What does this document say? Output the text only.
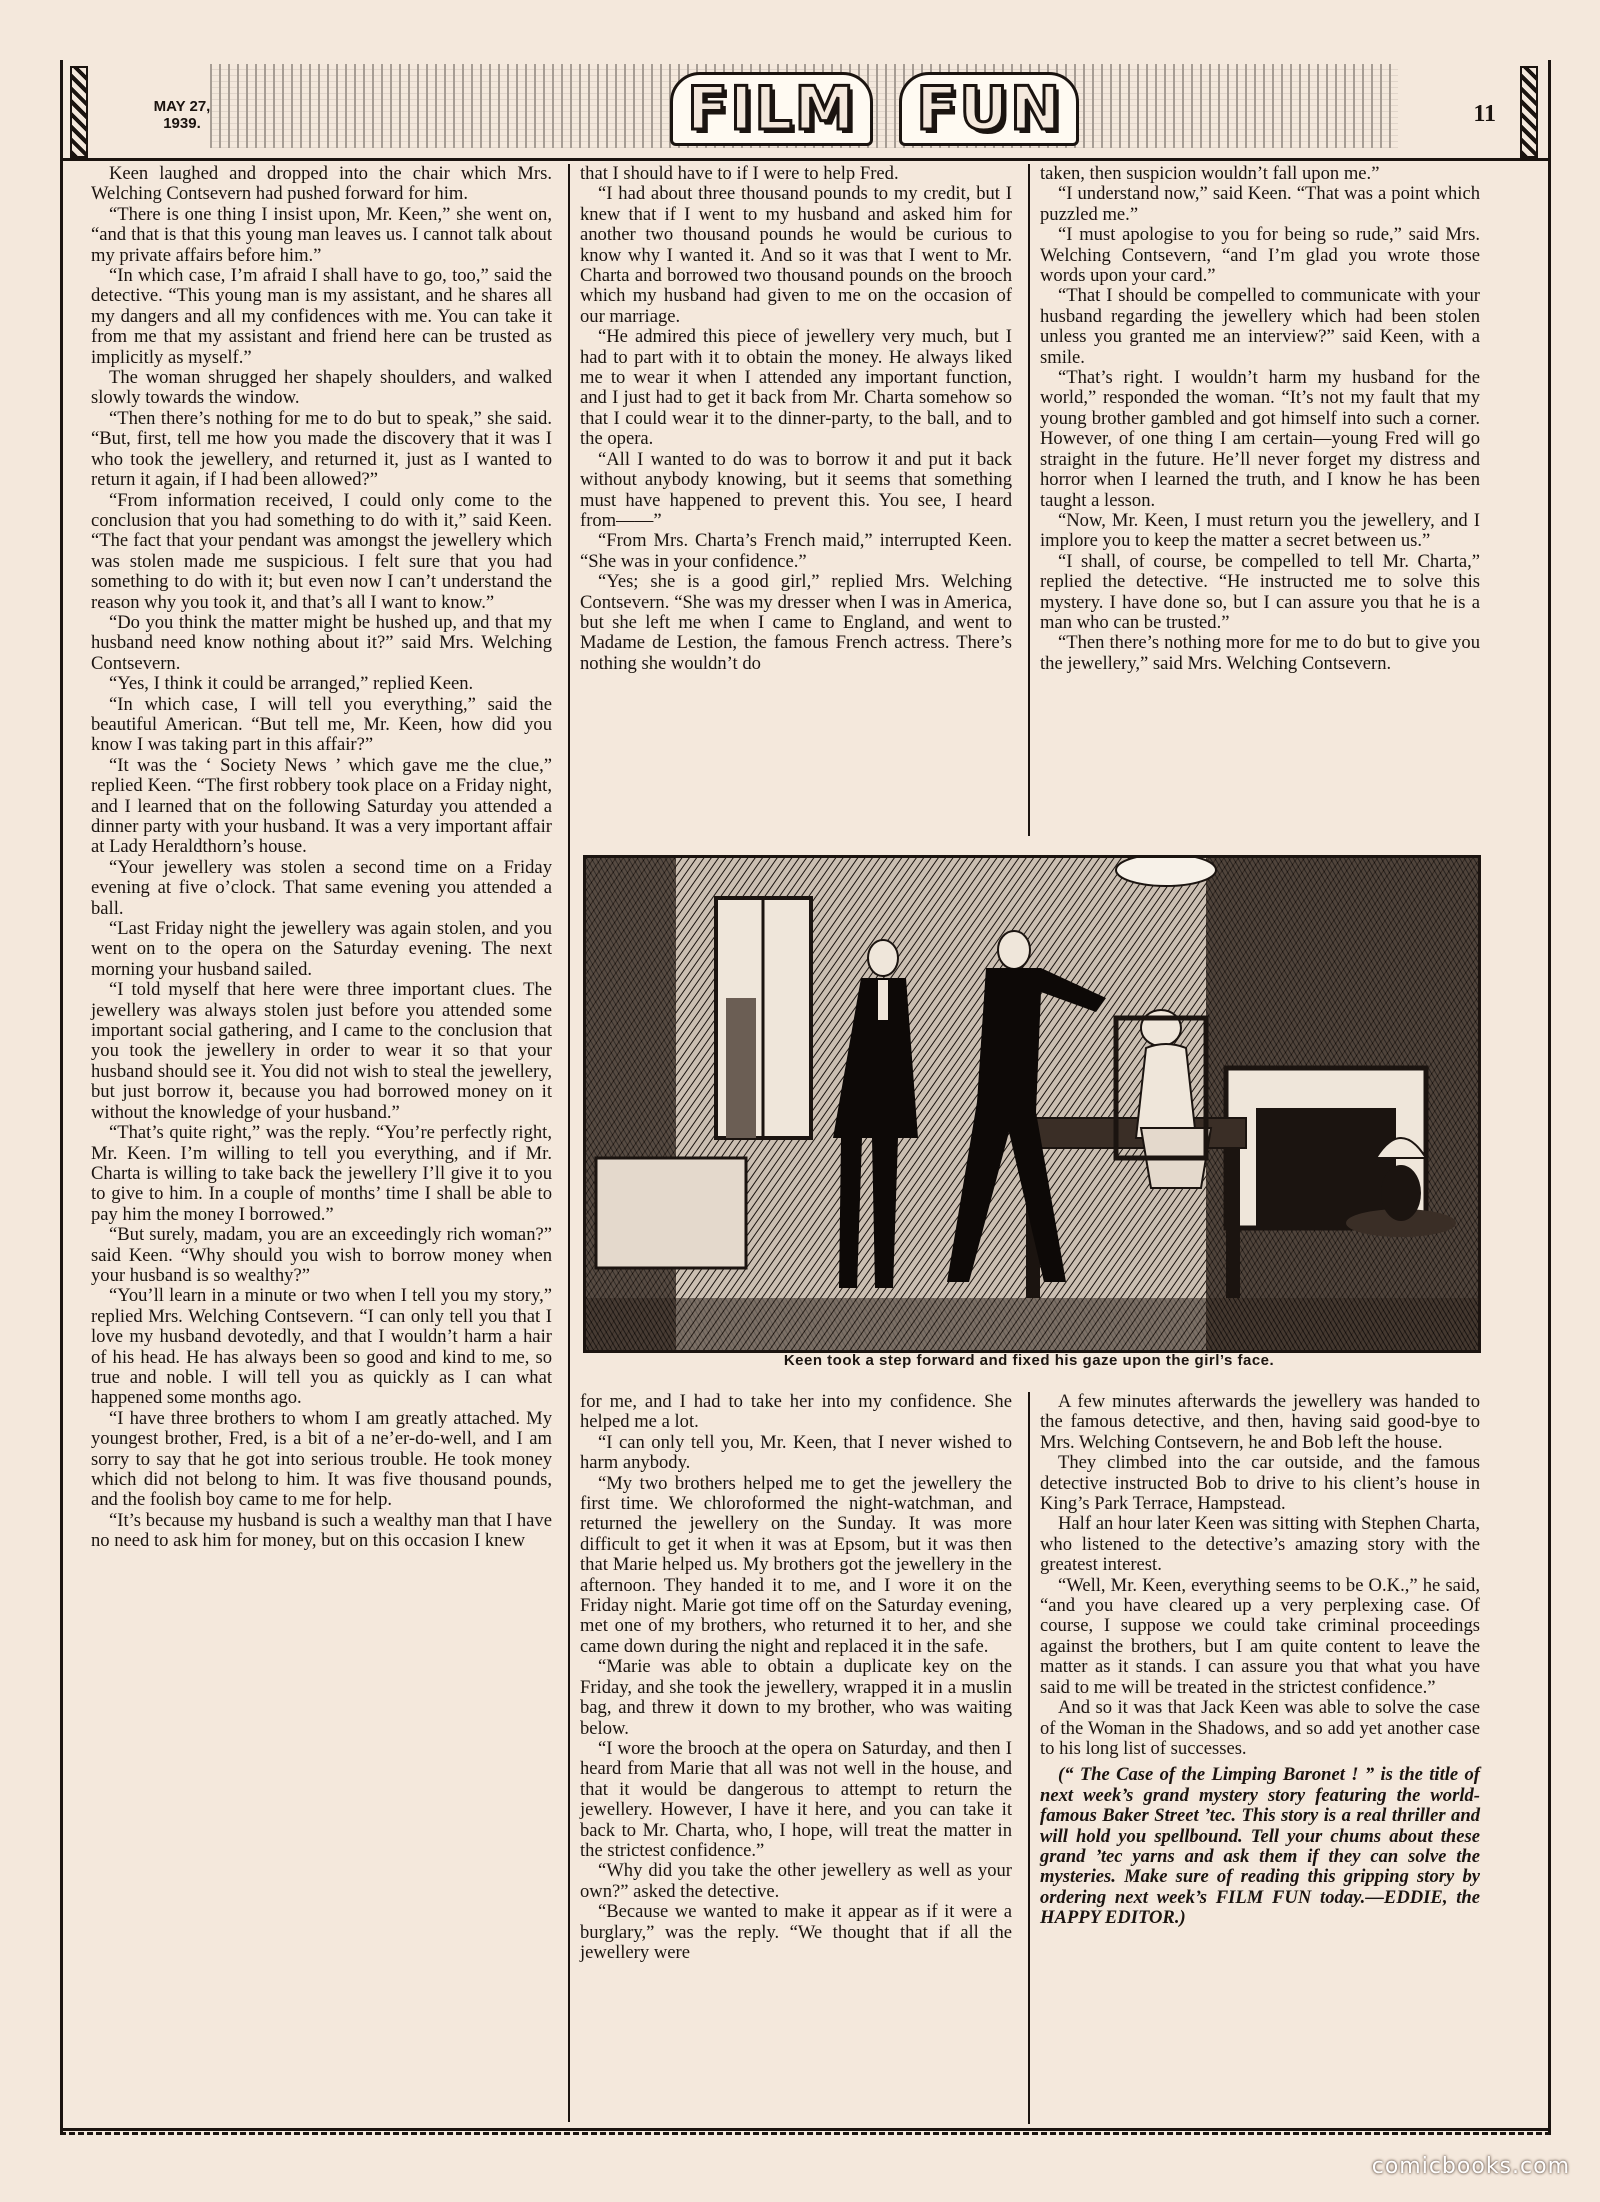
MAY 27,
1939.	FILM FUN	11

Keen laughed and dropped into the chair which Mrs. Welching Contsevern had pushed forward for him.

“There is one thing I insist upon, Mr. Keen,” she went on, “and that is that this young man leaves us. I cannot talk about my private affairs before him.”

“In which case, I’m afraid I shall have to go, too,” said the detective. “This young man is my assistant, and he shares all my dangers and all my confidences with me. You can take it from me that my assistant and friend here can be trusted as implicitly as myself.”

The woman shrugged her shapely shoulders, and walked slowly towards the window.

“Then there’s nothing for me to do but to speak,” she said. “But, first, tell me how you made the discovery that it was I who took the jewellery, and returned it, just as I wanted to return it again, if I had been allowed?”

“From information received, I could only come to the conclusion that you had something to do with it,” said Keen. “The fact that your pendant was amongst the jewellery which was stolen made me suspicious. I felt sure that you had something to do with it; but even now I can’t understand the reason why you took it, and that’s all I want to know.”

“Do you think the matter might be hushed up, and that my husband need know nothing about it?” said Mrs. Welching Contsevern.

“Yes, I think it could be arranged,” replied Keen.

“In which case, I will tell you everything,” said the beautiful American. “But tell me, Mr. Keen, how did you know I was taking part in this affair?”

“It was the ‘ Society News ’ which gave me the clue,” replied Keen. “The first robbery took place on a Friday night, and I learned that on the following Saturday you attended a dinner party with your husband. It was a very important affair at Lady Heraldthorn’s house.

“Your jewellery was stolen a second time on a Friday evening at five o’clock. That same evening you attended a ball.

“Last Friday night the jewellery was again stolen, and you went on to the opera on the Saturday evening. The next morning your husband sailed.

“I told myself that here were three important clues. The jewellery was always stolen just before you attended some important social gathering, and I came to the conclusion that you took the jewellery in order to wear it so that your husband should see it. You did not wish to steal the jewellery, but just borrow it, because you had borrowed money on it without the knowledge of your husband.”

“That’s quite right,” was the reply. “You’re perfectly right, Mr. Keen. I’m willing to tell you everything, and if Mr. Charta is willing to take back the jewellery I’ll give it to you to give to him. In a couple of months’ time I shall be able to pay him the money I borrowed.”

“But surely, madam, you are an exceedingly rich woman?” said Keen. “Why should you wish to borrow money when your husband is so wealthy?”

“You’ll learn in a minute or two when I tell you my story,” replied Mrs. Welching Contsevern. “I can only tell you that I love my husband devotedly, and that I wouldn’t harm a hair of his head. He has always been so good and kind to me, so true and noble. I will tell you as quickly as I can what happened some months ago.

“I have three brothers to whom I am greatly attached. My youngest brother, Fred, is a bit of a ne’er-do-well, and I am sorry to say that he got into serious trouble. He took money which did not belong to him. It was five thousand pounds, and the foolish boy came to me for help.

“It’s because my husband is such a wealthy man that I have no need to ask him for money, but on this occasion I knew

that I should have to if I were to help Fred.

“I had about three thousand pounds to my credit, but I knew that if I went to my husband and asked him for another two thousand pounds he would be curious to know why I wanted it. And so it was that I went to Mr. Charta and borrowed two thousand pounds on the brooch which my husband had given to me on the occasion of our marriage.

“He admired this piece of jewellery very much, but I had to part with it to obtain the money. He always liked me to wear it when I attended any important function, and I just had to get it back from Mr. Charta somehow so that I could wear it to the dinner-party, to the ball, and to the opera.

“All I wanted to do was to borrow it and put it back without anybody knowing, but it seems that something must have happened to prevent this. You see, I heard from——”

“From Mrs. Charta’s French maid,” interrupted Keen. “She was in your confidence.”

“Yes; she is a good girl,” replied Mrs. Welching Contsevern. “She was my dresser when I was in America, but she left me when I came to England, and went to Madame de Lestion, the famous French actress. There’s nothing she wouldn’t do

taken, then suspicion wouldn’t fall upon me.”

“I understand now,” said Keen. “That was a point which puzzled me.”

“I must apologise to you for being so rude,” said Mrs. Welching Contsevern, “and I’m glad you wrote those words upon your card.”

“That I should be compelled to communicate with your husband regarding the jewellery which had been stolen unless you granted me an interview?” said Keen, with a smile.

“That’s right. I wouldn’t harm my husband for the world,” responded the woman. “It’s not my fault that my young brother gambled and got himself into such a corner. However, of one thing I am certain—young Fred will go straight in the future. He’ll never forget my distress and horror when I learned the truth, and I know he has been taught a lesson.

“Now, Mr. Keen, I must return you the jewellery, and I implore you to keep the matter a secret between us.”

“I shall, of course, be compelled to tell Mr. Charta,” replied the detective. “He instructed me to solve this mystery. I have done so, but I can assure you that he is a man who can be trusted.”

“Then there’s nothing more for me to do but to give you the jewellery,” said Mrs. Welching Contsevern.

Keen took a step forward and fixed his gaze upon the girl’s face.

for me, and I had to take her into my confidence. She helped me a lot.

“I can only tell you, Mr. Keen, that I never wished to harm anybody.

“My two brothers helped me to get the jewellery the first time. We chloroformed the night-watchman, and returned the jewellery on the Sunday. It was more difficult to get it when it was at Epsom, but it was then that Marie helped us. My brothers got the jewellery in the afternoon. They handed it to me, and I wore it on the Friday night. Marie got time off on the Saturday evening, met one of my brothers, who returned it to her, and she came down during the night and replaced it in the safe.

“Marie was able to obtain a duplicate key on the Friday, and she took the jewellery, wrapped it in a muslin bag, and threw it down to my brother, who was waiting below.

“I wore the brooch at the opera on Saturday, and then I heard from Marie that all was not well in the house, and that it would be dangerous to attempt to return the jewellery. However, I have it here, and you can take it back to Mr. Charta, who, I hope, will treat the matter in the strictest confidence.”

“Why did you take the other jewellery as well as your own?” asked the detective.

“Because we wanted to make it appear as if it were a burglary,” was the reply. “We thought that if all the jewellery were

A few minutes afterwards the jewellery was handed to the famous detective, and then, having said good-bye to Mrs. Welching Contsevern, he and Bob left the house.

They climbed into the car outside, and the famous detective instructed Bob to drive to his client’s house in King’s Park Terrace, Hampstead.

Half an hour later Keen was sitting with Stephen Charta, who listened to the detective’s amazing story with the greatest interest.

“Well, Mr. Keen, everything seems to be O.K.,” he said, “and you have cleared up a very perplexing case. Of course, I suppose we could take criminal proceedings against the brothers, but I am quite content to leave the matter as it stands. I can assure you that what you have said to me will be treated in the strictest confidence.”

And so it was that Jack Keen was able to solve the case of the Woman in the Shadows, and so add yet another case to his long list of successes.

(“ The Case of the Limping Baronet ! ” is the title of next week’s grand mystery story featuring the world-famous Baker Street ’tec. This story is a real thriller and will hold you spellbound. Tell your chums about these grand ’tec yarns and ask them if they can solve the mysteries. Make sure of reading this gripping story by ordering next week’s FILM FUN today.—EDDIE, the HAPPY EDITOR.)

comicbooks.com
